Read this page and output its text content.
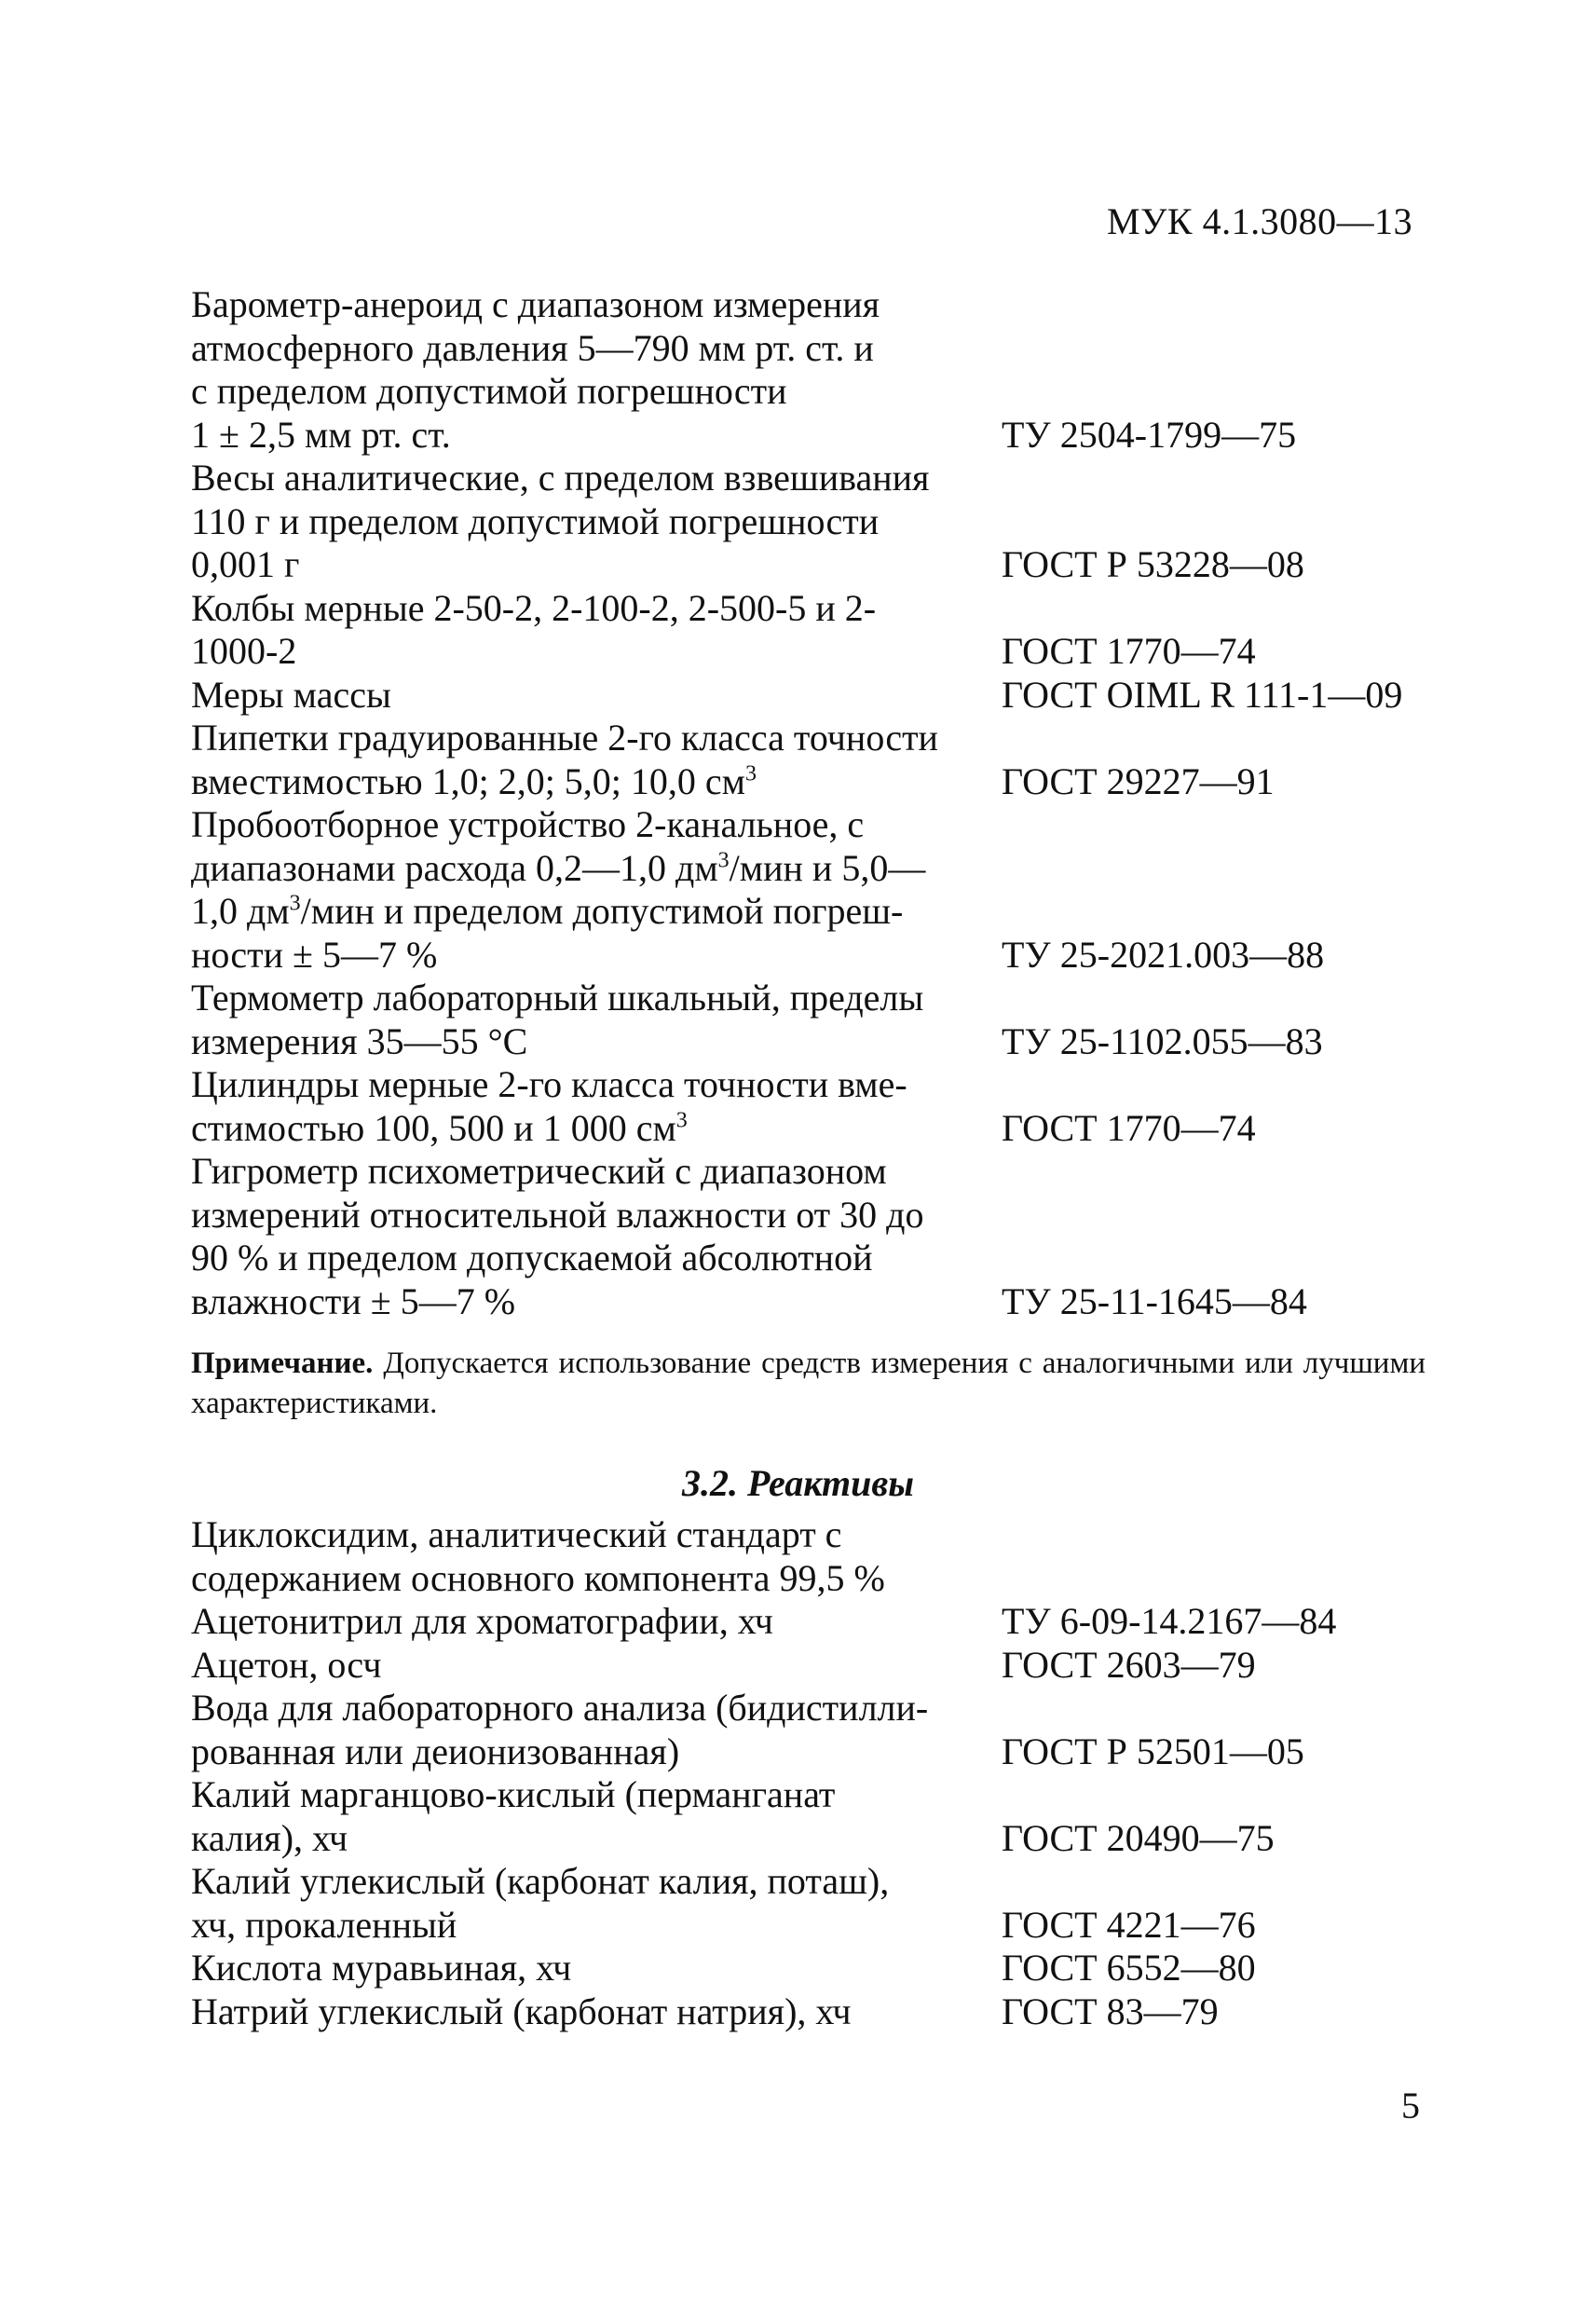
МУК 4.1.3080—13

Барометр-анероид с диапазоном измерения
атмосферного давления 5—790 мм рт. ст. и
с пределом допустимой погрешности
1 ± 2,5 мм рт. ст.	ТУ 2504-1799—75

Весы аналитические, с пределом взвешивания
110 г и пределом допустимой погрешности
0,001 г	ГОСТ Р 53228—08

Колбы мерные 2-50-2, 2-100-2, 2-500-5 и 2-
1000-2	ГОСТ 1770—74

Меры массы	ГОСТ OIML R 111-1—09

Пипетки градуированные 2-го класса точности
вместимостью 1,0; 2,0; 5,0; 10,0 $см^3$	ГОСТ 29227—91

Пробоотборное устройство 2-канальное, с
диапазонами расхода 0,2—1,0 $дм^3$/мин и 5,0—
1,0 $дм^3$/мин и пределом допустимой погреш-
ности ± 5—7 %	ТУ 25-2021.003—88

Термометр лабораторный шкальный, пределы
измерения 35—55 °С	ТУ 25-1102.055—83

Цилиндры мерные 2-го класса точности вме-
стимостью 100, 500 и 1 000 $см^3$	ГОСТ 1770—74

Гигрометр психометрический с диапазоном
измерений относительной влажности от 30 до
90 % и пределом допускаемой абсолютной
влажности ± 5—7 %	ТУ 25-11-1645—84

Примечание. Допускается использование средств измерения с аналогичными или лучшими характеристиками.

3.2. Реактивы

Циклоксидим, аналитический стандарт с
содержанием основного компонента 99,5 %

Ацетонитрил для хроматографии, хч	ТУ 6-09-14.2167—84

Ацетон, осч	ГОСТ 2603—79

Вода для лабораторного анализа (бидистилли-
рованная или деионизованная)	ГОСТ Р 52501—05

Калий марганцово-кислый (перманганат
калия), хч	ГОСТ 20490—75

Калий углекислый (карбонат калия, поташ),
хч, прокаленный	ГОСТ 4221—76

Кислота муравьиная, хч	ГОСТ 6552—80

Натрий углекислый (карбонат натрия), хч	ГОСТ 83—79
5
